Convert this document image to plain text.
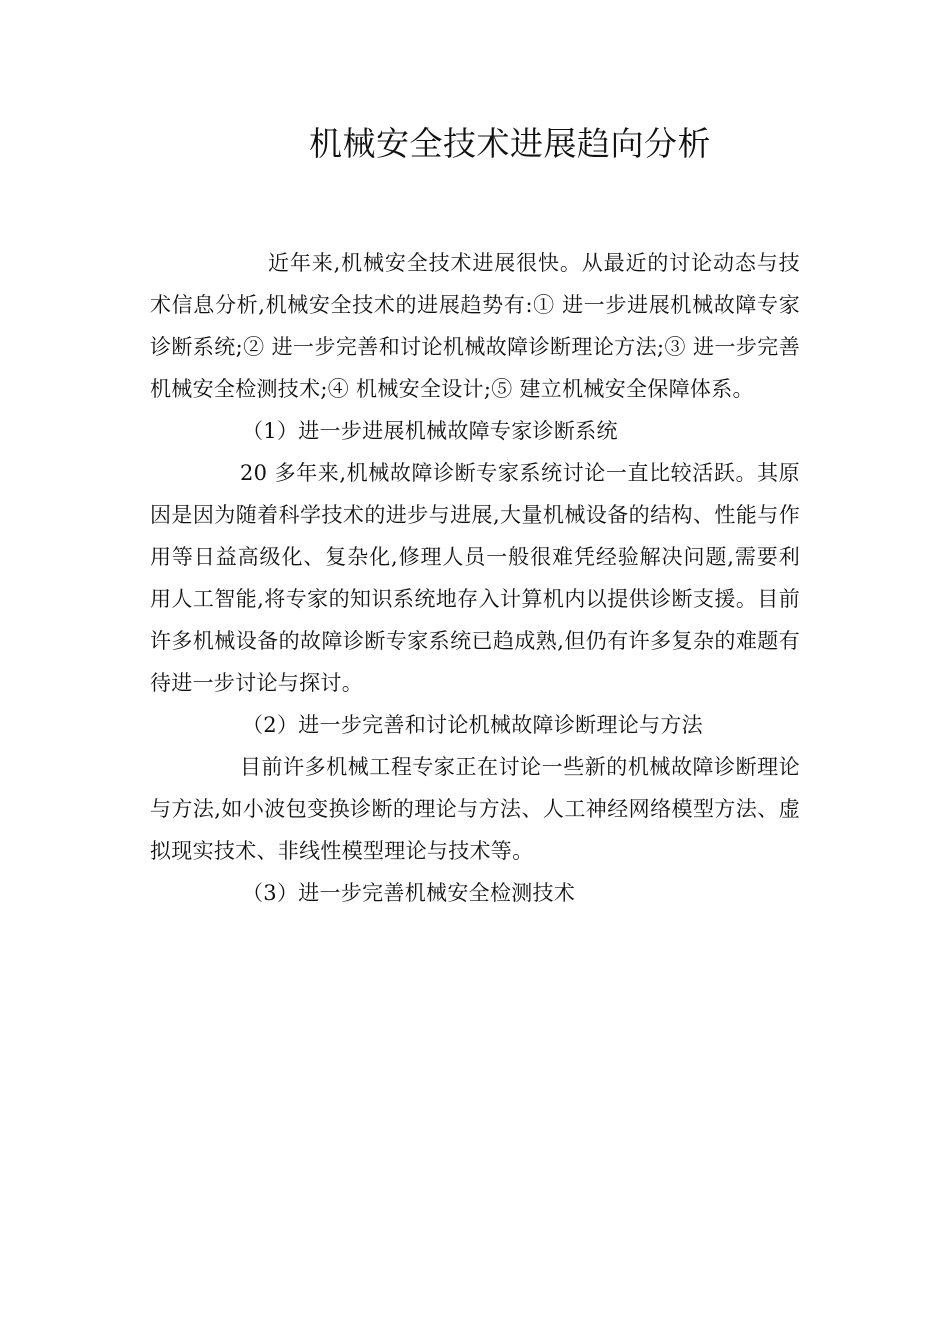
机械安全技术进展趋向分析

近年来,机械安全技术进展很快。从最近的讨论动态与技术信息分析,机械安全技术的进展趋势有:① 进一步进展机械故障专家诊断系统;② 进一步完善和讨论机械故障诊断理论方法;③ 进一步完善机械安全检测技术;④ 机械安全设计;⑤ 建立机械安全保障体系。

（1）进一步进展机械故障专家诊断系统

20 多年来,机械故障诊断专家系统讨论一直比较活跃。其原因是因为随着科学技术的进步与进展,大量机械设备的结构、性能与作用等日益高级化、复杂化,修理人员一般很难凭经验解决问题,需要利用人工智能,将专家的知识系统地存入计算机内以提供诊断支援。目前许多机械设备的故障诊断专家系统已趋成熟,但仍有许多复杂的难题有待进一步讨论与探讨。

（2）进一步完善和讨论机械故障诊断理论与方法

目前许多机械工程专家正在讨论一些新的机械故障诊断理论与方法,如小波包变换诊断的理论与方法、人工神经网络模型方法、虚拟现实技术、非线性模型理论与技术等。

（3）进一步完善机械安全检测技术
